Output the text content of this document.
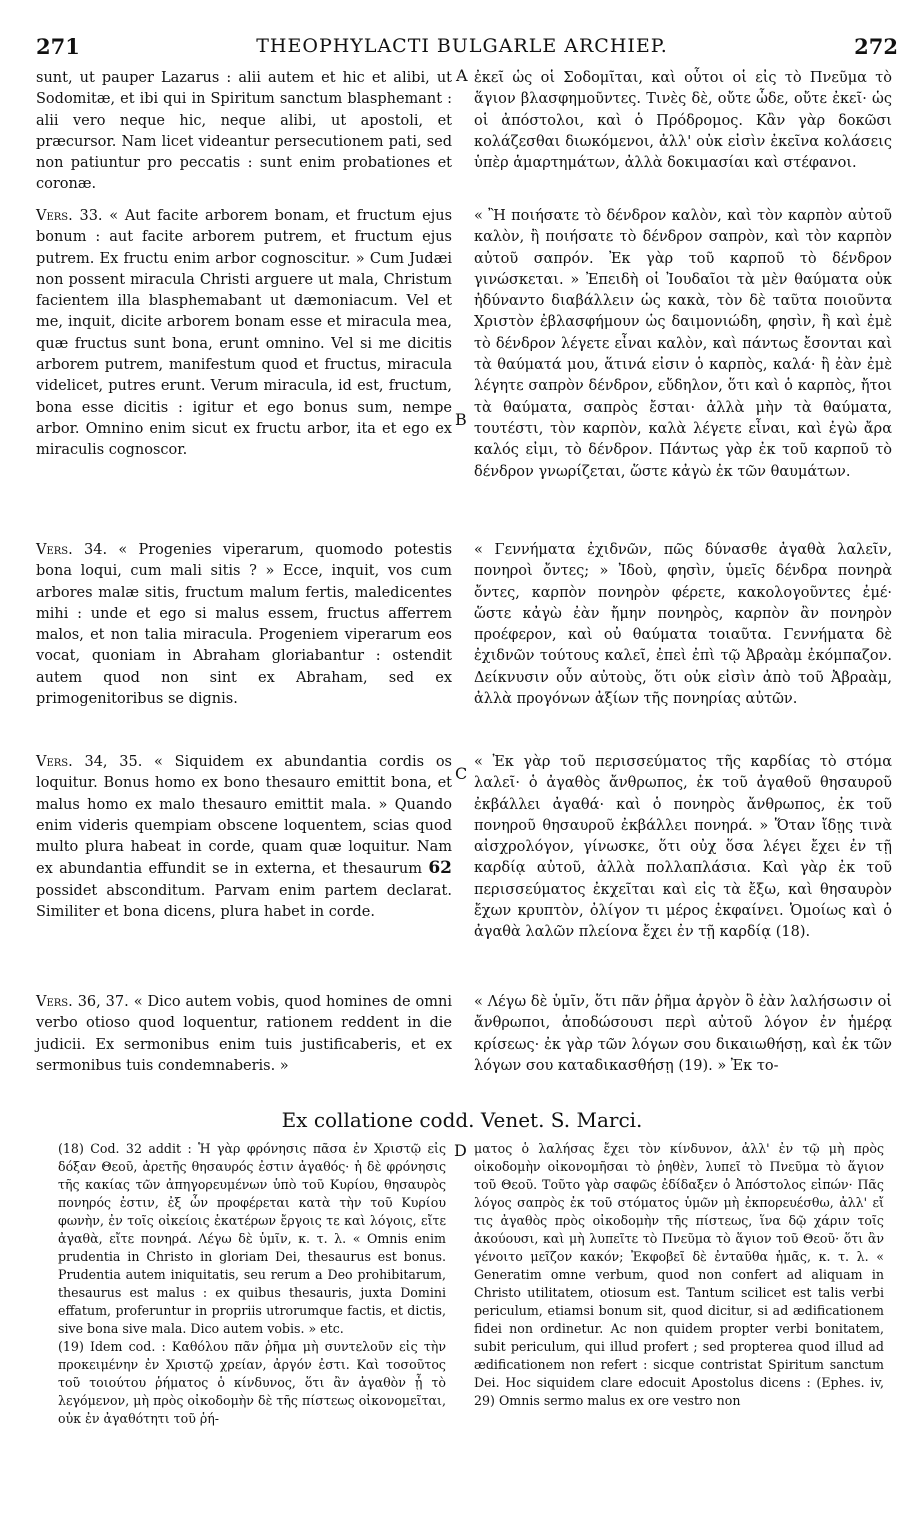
271	THEOPHYLACTI BULGARLE ARCHIEP.	272

sunt, ut pauper Lazarus : alii autem et hic et alibi, ut Sodomitæ, et ibi qui in Spiritum sanctum blasphemant : alii vero neque hic, neque alibi, ut apostoli, et præcursor. Nam licet videantur persecutionem pati, sed non patiuntur pro peccatis : sunt enim probationes et coronæ.

Vers. 33. « Aut facite arborem bonam, et fructum ejus bonum : aut facite arborem putrem, et fructum ejus putrem. Ex fructu enim arbor cognoscitur. » Cum Judæi non possent miracula Christi arguere ut mala, Christum facientem illa blasphemabant ut dæmoniacum. Vel et me, inquit, dicite arborem bonam esse et miracula mea, quæ fructus sunt bona, erunt omnino. Vel si me dicitis arborem putrem, manifestum quod et fructus, miracula videlicet, putres erunt. Verum miracula, id est, fructum, bona esse dicitis : igitur et ego bonus sum, nempe arbor. Omnino enim sicut ex fructu arbor, ita et ego ex miraculis cognoscor.

Vers. 34. « Progenies viperarum, quomodo potestis bona loqui, cum mali sitis ? » Ecce, inquit, vos cum arbores malæ sitis, fructum malum fertis, maledicentes mihi : unde et ego si malus essem, fructus afferrem malos, et non talia miracula. Progeniem viperarum eos vocat, quoniam in Abraham gloriabantur : ostendit autem quod non sint ex Abraham, sed ex primogenitoribus se dignis.

Vers. 34, 35. « Siquidem ex abundantia cordis os loquitur. Bonus homo ex bono thesauro emittit bona, et malus homo ex malo thesauro emittit mala. » Quando enim videris quempiam obscene loquentem, scias quod multo plura habeat in corde, quam quæ loquitur. Nam ex abundantia effundit se in externa, et thesaurum 62 possidet absconditum. Parvam enim partem declarat. Similiter et bona dicens, plura habet in corde.

Vers. 36, 37. « Dico autem vobis, quod homines de omni verbo otioso quod loquentur, rationem reddent in die judicii. Ex sermonibus enim tuis justificaberis, et ex sermonibus tuis condemnaberis. »

A
B
C
D

ἐκεῖ ὡς οἱ Σοδομῖται, καὶ οὗτοι οἱ εἰς τὸ Πνεῦμα τὸ ἅγιον βλασφημοῦντες. Τινὲς δὲ, οὔτε ὧδε, οὔτε ἐκεῖ· ὡς οἱ ἀπόστολοι, καὶ ὁ Πρόδρομος. Κἂν γὰρ δοκῶσι κολάζεσθαι διωκόμενοι, ἀλλ' οὐκ εἰσὶν ἐκεῖνα κολάσεις ὑπὲρ ἁμαρτημάτων, ἀλλὰ δοκιμασίαι καὶ στέφανοι.

« Ἢ ποιήσατε τὸ δένδρον καλὸν, καὶ τὸν καρπὸν αὐτοῦ καλὸν, ἢ ποιήσατε τὸ δένδρον σαπρὸν, καὶ τὸν καρπὸν αὐτοῦ σαπρόν. Ἐκ γὰρ τοῦ καρποῦ τὸ δένδρον γινώσκεται. » Ἐπειδὴ οἱ Ἰουδαῖοι τὰ μὲν θαύματα οὐκ ἠδύναντο διαβάλλειν ὡς κακὰ, τὸν δὲ ταῦτα ποιοῦντα Χριστὸν ἐβλασφήμουν ὡς δαιμονιώδη, φησὶν, ἢ καὶ ἐμὲ τὸ δένδρον λέγετε εἶναι καλὸν, καὶ πάντως ἔσονται καὶ τὰ θαύματά μου, ἅτινά εἰσιν ὁ καρπὸς, καλά· ἢ ἐὰν ἐμὲ λέγητε σαπρὸν δένδρον, εὔδηλον, ὅτι καὶ ὁ καρπὸς, ἤτοι τὰ θαύματα, σαπρὸς ἔσται· ἀλλὰ μὴν τὰ θαύματα, τουτέστι, τὸν καρπὸν, καλὰ λέγετε εἶναι, καὶ ἐγὼ ἄρα καλός εἰμι, τὸ δένδρον. Πάντως γὰρ ἐκ τοῦ καρποῦ τὸ δένδρον γνωρίζεται, ὥστε κἀγὼ ἐκ τῶν θαυμάτων.

« Γεννήματα ἐχιδνῶν, πῶς δύνασθε ἀγαθὰ λαλεῖν, πονηροὶ ὄντες; » Ἰδοὺ, φησὶν, ὑμεῖς δένδρα πονηρὰ ὄντες, καρπὸν πονηρὸν φέρετε, κακολογοῦντες ἐμέ· ὥστε κἀγὼ ἐὰν ἤμην πονηρὸς, καρπὸν ἂν πονηρὸν προέφερον, καὶ οὐ θαύματα τοιαῦτα. Γεννήματα δὲ ἐχιδνῶν τούτους καλεῖ, ἐπεὶ ἐπὶ τῷ Ἀβραὰμ ἐκόμπαζον. Δείκνυσιν οὖν αὐτοὺς, ὅτι οὐκ εἰσὶν ἀπὸ τοῦ Ἀβραὰμ, ἀλλὰ προγόνων ἀξίων τῆς πονηρίας αὐτῶν.

« Ἐκ γὰρ τοῦ περισσεύματος τῆς καρδίας τὸ στόμα λαλεῖ· ὁ ἀγαθὸς ἄνθρωπος, ἐκ τοῦ ἀγαθοῦ θησαυροῦ ἐκβάλλει ἀγαθά· καὶ ὁ πονηρὸς ἄνθρωπος, ἐκ τοῦ πονηροῦ θησαυροῦ ἐκβάλλει πονηρά. » Ὅταν ἴδῃς τινὰ αἰσχρολόγον, γίνωσκε, ὅτι οὐχ ὅσα λέγει ἔχει ἐν τῇ καρδίᾳ αὐτοῦ, ἀλλὰ πολλαπλάσια. Καὶ γὰρ ἐκ τοῦ περισσεύματος ἐκχεῖται καὶ εἰς τὰ ἔξω, καὶ θησαυρὸν ἔχων κρυπτὸν, ὀλίγον τι μέρος ἐκφαίνει. Ὁμοίως καὶ ὁ ἀγαθὰ λαλῶν πλείονα ἔχει ἐν τῇ καρδίᾳ (18).

« Λέγω δὲ ὑμῖν, ὅτι πᾶν ῥῆμα ἀργὸν ὃ ἐὰν λαλήσωσιν οἱ ἄνθρωποι, ἀποδώσουσι περὶ αὐτοῦ λόγον ἐν ἡμέρᾳ κρίσεως· ἐκ γὰρ τῶν λόγων σου δικαιωθήσῃ, καὶ ἐκ τῶν λόγων σου καταδικασθήσῃ (19). » Ἐκ το-

Ex collatione codd. Venet. S. Marci.

(18) Cod. 32 addit : Ἡ γὰρ φρόνησις πᾶσα ἐν Χριστῷ εἰς δόξαν Θεοῦ, ἀρετῆς θησαυρός ἐστιν ἀγαθός· ἡ δὲ φρόνησις τῆς κακίας τῶν ἀπηγορευμένων ὑπὸ τοῦ Κυρίου, θησαυρὸς πονηρός ἐστιν, ἐξ ὧν προφέρεται κατὰ τὴν τοῦ Κυρίου φωνὴν, ἐν τοῖς οἰκείοις ἑκατέρων ἔργοις τε καὶ λόγοις, εἴτε ἀγαθὰ, εἴτε πονηρά. Λέγω δὲ ὑμῖν, κ. τ. λ. « Omnis enim prudentia in Christo in gloriam Dei, thesaurus est bonus. Prudentia autem iniquitatis, seu rerum a Deo prohibitarum, thesaurus est malus : ex quibus thesauris, juxta Domini effatum, proferuntur in propriis utrorumque factis, et dictis, sive bona sive mala. Dico autem vobis. » etc.

(19) Idem cod. : Καθόλου πᾶν ῥῆμα μὴ συντελοῦν εἰς τὴν προκειμένην ἐν Χριστῷ χρείαν, ἀργόν ἐστι. Καὶ τοσοῦτος τοῦ τοιούτου ῥήματος ὁ κίνδυνος, ὅτι ἂν ἀγαθὸν ᾖ τὸ λεγόμενον, μὴ πρὸς οἰκοδομὴν δὲ τῆς πίστεως οἰκονομεῖται, οὐκ ἐν ἀγαθότητι τοῦ ῥή-

ματος ὁ λαλήσας ἔχει τὸν κίνδυνον, ἀλλ' ἐν τῷ μὴ πρὸς οἰκοδομὴν οἰκονομῆσαι τὸ ῥηθὲν, λυπεῖ τὸ Πνεῦμα τὸ ἅγιον τοῦ Θεοῦ. Τοῦτο γὰρ σαφῶς ἐδίδαξεν ὁ Ἀπόστολος εἰπών· Πᾶς λόγος σαπρὸς ἐκ τοῦ στόματος ὑμῶν μὴ ἐκπορευέσθω, ἀλλ' εἴ τις ἀγαθὸς πρὸς οἰκοδομὴν τῆς πίστεως, ἵνα δῷ χάριν τοῖς ἀκούουσι, καὶ μὴ λυπεῖτε τὸ Πνεῦμα τὸ ἅγιον τοῦ Θεοῦ· ὅτι ἂν γένοιτο μεῖζον κακόν; Ἐκφοβεῖ δὲ ἐνταῦθα ἡμᾶς, κ. τ. λ. « Generatim omne verbum, quod non confert ad aliquam in Christo utilitatem, otiosum est. Tantum scilicet est talis verbi periculum, etiamsi bonum sit, quod dicitur, si ad ædificationem fidei non ordinetur. Ac non quidem propter verbi bonitatem, subit periculum, qui illud profert ; sed propterea quod illud ad ædificationem non refert : sicque contristat Spiritum sanctum Dei. Hoc siquidem clare edocuit Apostolus dicens : (Ephes. iv, 29) Omnis sermo malus ex ore vestro non
